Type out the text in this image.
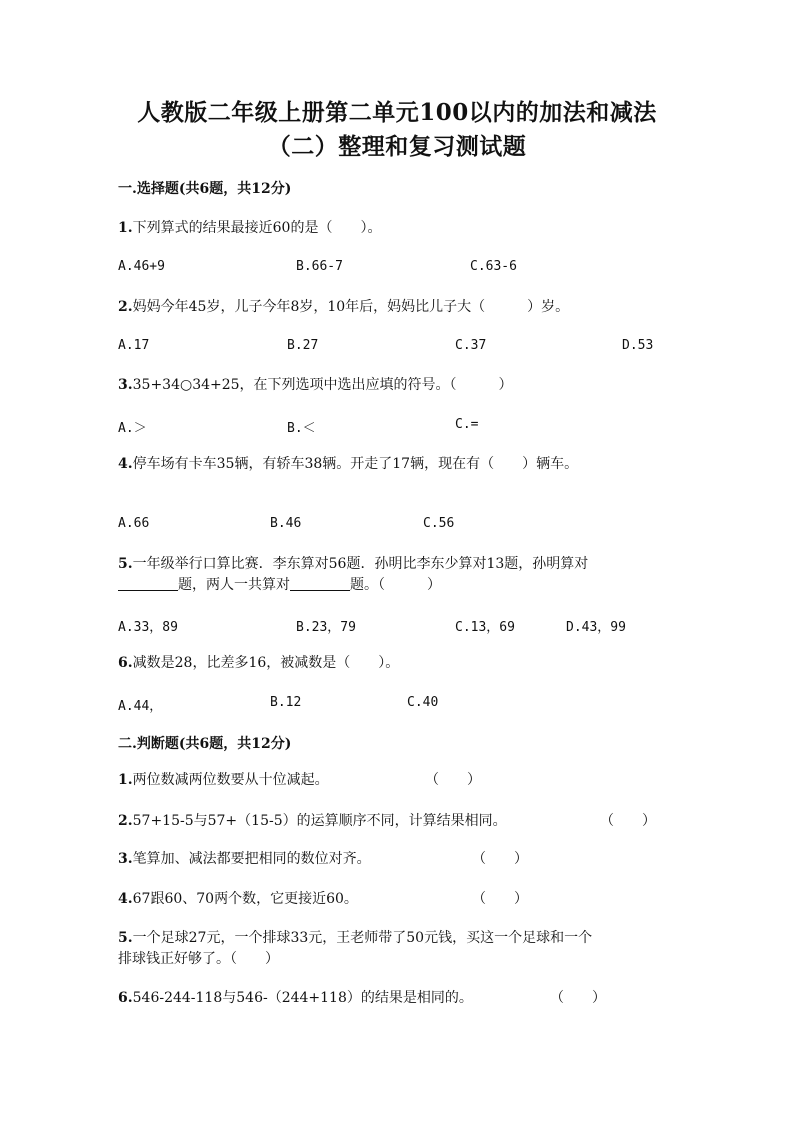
人教版二年级上册第二单元100以内的加法和减法
（二）整理和复习测试题
一.选择题(共6题，共12分)
1.下列算式的结果最接近60的是（　　）。
A.46+9	B.66-7	C.63-6
2.妈妈今年45岁，儿子今年8岁，10年后，妈妈比儿子大（　　　）岁。
A.17	B.27	C.37	D.53
3.35+34○34+25，在下列选项中选出应填的符号。（　　　）
A.＞	B.＜	C.=
4.停车场有卡车35辆，有轿车38辆。开走了17辆，现在有（　　）辆车。
A.66	B.46	C.56
5.一年级举行口算比赛．李东算对56题．孙明比李东少算对13题，孙明算对
题，两人一共算对	题。（　　　）
A.33，89	B.23，79	C.13，69	D.43，99
6.减数是28，比差多16，被减数是（　　）。
A.44，	B.12	C.40
二.判断题(共6题，共12分)
1.两位数减两位数要从十位减起。	（　　）
2.57+15-5与57+（15-5）的运算顺序不同，计算结果相同。	（　　）
3.笔算加、减法都要把相同的数位对齐。	（　　）
4.67跟60、70两个数，它更接近60。	（　　）
5.一个足球27元，一个排球33元，王老师带了50元钱，买这一个足球和一个
排球钱正好够了。（　　）
6.546-244-118与546-（244+118）的结果是相同的。	（　　）
